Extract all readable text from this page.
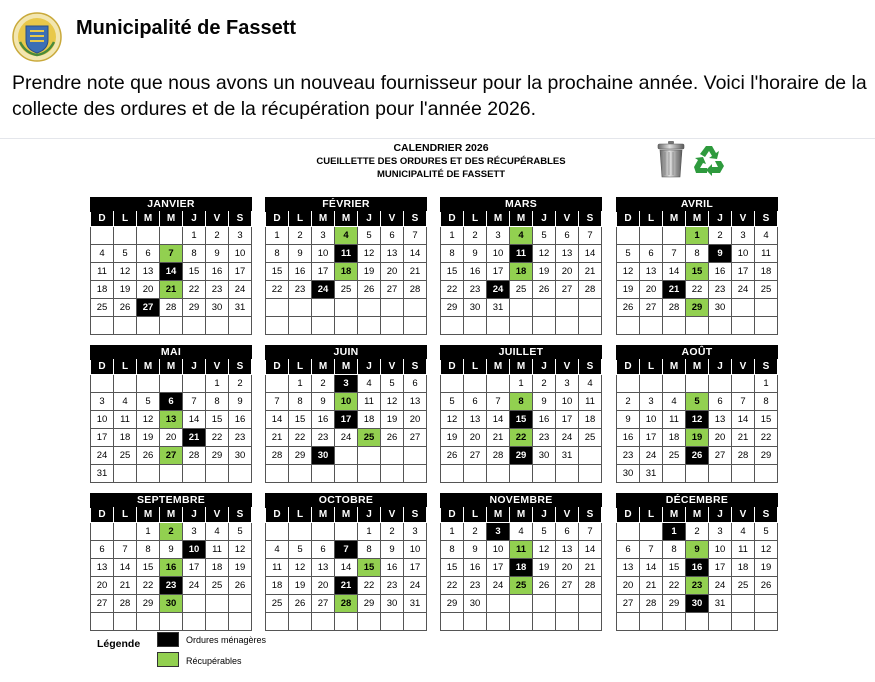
Municipalité de Fassett
Prendre note que nous avons un nouveau fournisseur pour la prochaine année. Voici l'horaire de la
collecte des ordures et de la récupération pour l'année 2026.
CALENDRIER 2026
CUEILLETTE DES ORDURES ET DES RÉCUPÉRABLES
MUNICIPALITÉ DE FASSETT
JANVIER
D	L	M	M	J	V	S
				1	2	3
4	5	6	7	8	9	10
11	12	13	14	15	16	17
18	19	20	21	22	23	24
25	26	27	28	29	30	31

FÉVRIER
D	L	M	M	J	V	S
1	2	3	4	5	6	7
8	9	10	11	12	13	14
15	16	17	18	19	20	21
22	23	24	25	26	27	28

MARS
D	L	M	M	J	V	S
1	2	3	4	5	6	7
8	9	10	11	12	13	14
15	16	17	18	19	20	21
22	23	24	25	26	27	28
29	30	31				

AVRIL
D	L	M	M	J	V	S
			1	2	3	4
5	6	7	8	9	10	11
12	13	14	15	16	17	18
19	20	21	22	23	24	25
26	27	28	29	30		

MAI
D	L	M	M	J	V	S
					1	2
3	4	5	6	7	8	9
10	11	12	13	14	15	16
17	18	19	20	21	22	23
24	25	26	27	28	29	30
31						
JUIN
D	L	M	M	J	V	S
	1	2	3	4	5	6
7	8	9	10	11	12	13
14	15	16	17	18	19	20
21	22	23	24	25	26	27
28	29	30				

JUILLET
D	L	M	M	J	V	S
			1	2	3	4
5	6	7	8	9	10	11
12	13	14	15	16	17	18
19	20	21	22	23	24	25
26	27	28	29	30	31	

AOÛT
D	L	M	M	J	V	S
						1
2	3	4	5	6	7	8
9	10	11	12	13	14	15
16	17	18	19	20	21	22
23	24	25	26	27	28	29
30	31					
SEPTEMBRE
D	L	M	M	J	V	S
		1	2	3	4	5
6	7	8	9	10	11	12
13	14	15	16	17	18	19
20	21	22	23	24	25	26
27	28	29	30			

OCTOBRE
D	L	M	M	J	V	S
				1	2	3
4	5	6	7	8	9	10
11	12	13	14	15	16	17
18	19	20	21	22	23	24
25	26	27	28	29	30	31

NOVEMBRE
D	L	M	M	J	V	S
1	2	3	4	5	6	7
8	9	10	11	12	13	14
15	16	17	18	19	20	21
22	23	24	25	26	27	28
29	30					

DÉCEMBRE
D	L	M	M	J	V	S
		1	2	3	4	5
6	7	8	9	10	11	12
13	14	15	16	17	18	19
20	21	22	23	24	25	26
27	28	29	30	31		

Légende	Ordures ménagères
Récupérables
